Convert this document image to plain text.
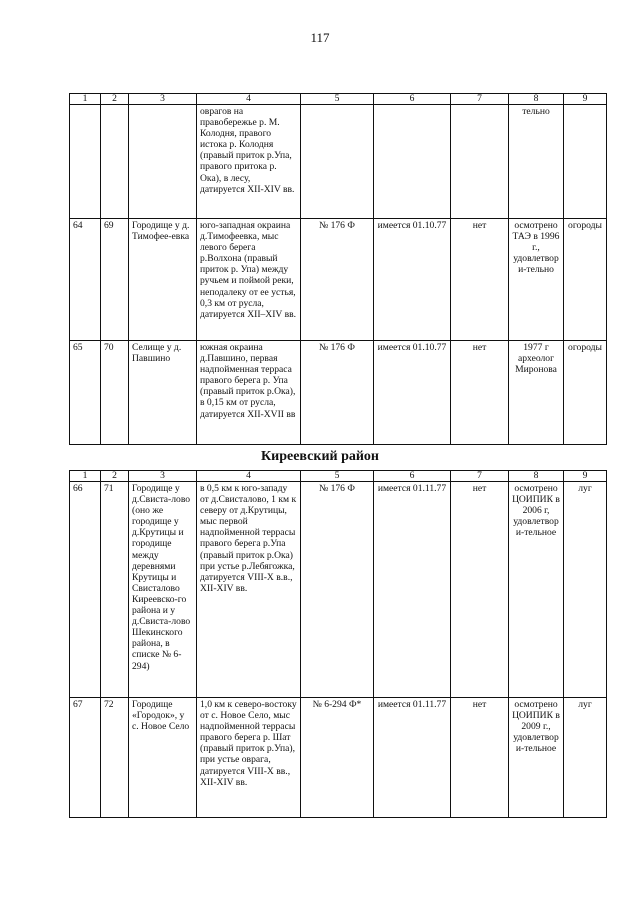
117
1	2	3	4	5	6	7	8	9
			оврагов на правобережье р. М. Колодня, правого истока р. Колодня (правый приток р.Упа, правого притока р. Ока), в лесу, датируется XII-XIV вв.				тельно	
64	69	Городище у д. Тимофее-евка	юго-западная окраина д.Тимофеевка, мыс левого берега р.Волхона (правый приток р. Упа) между ручьем и поймой реки, неподалеку от ее устья, 0,3 км от русла, датируется XII–XIV вв.	№ 176 Ф	имеется 01.10.77	нет	осмотрено ТАЭ в 1996 г., удовлетвори-тельно	огороды
65	70	Селище у д. Павшино	южная окраина д.Павшино, первая надпойменная терраса правого берега р. Упа (правый приток р.Ока), в 0,15 км от русла, датируется XII-XVII вв	№ 176 Ф	имеется 01.10.77	нет	1977 г археолог Миронова	огороды
Киреевский район
1	2	3	4	5	6	7	8	9
66	71	Городище у д.Свистa-лово (оно же городище у д.Крутицы и городище между деревнями Крутицы и Свисталово Киреевско-го района и у д.Свиста-лово Шекинского района, в списке № 6-294)	в 0,5 км к юго-западу от д.Свисталово, 1 км к северу от д.Крутицы, мыс первой надпойменной террасы правого берега р.Упа (правый приток р.Ока) при устье р.Лебягожка, датируется VIII-X в.в., XII-XIV вв.	№ 176 Ф	имеется 01.11.77	нет	осмотрено ЦОИПИК в 2006 г, удовлетвори-тельное	луг
67	72	Городище «Городок», у с. Новое Село	1,0 км к северо-востоку от с. Новое Село, мыс надпойменной террасы правого берега р. Шат (правый приток р.Упа), при устье оврага, датируется VIII-X вв., XII-XIV вв.	№ 6-294 Ф*	имеется 01.11.77	нет	осмотрено ЦОИПИК в 2009 г., удовлетвори-тельное	луг
